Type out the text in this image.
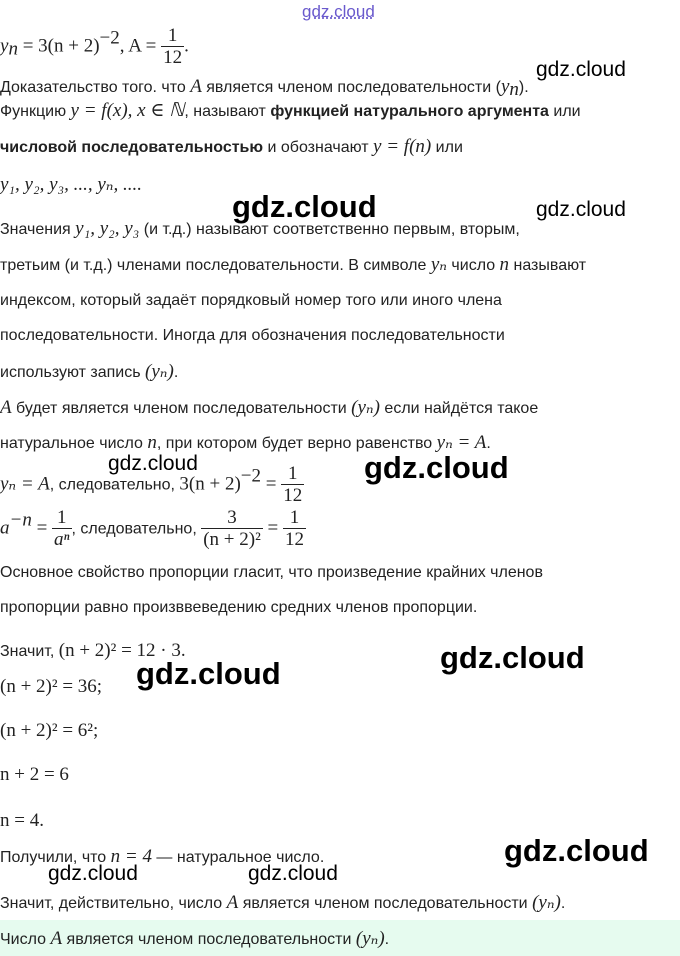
gdz.cloud
$y_n = 3(n + 2)^{-2}$, $A = \frac{1}{12}$ .
gdz.cloud
Доказательство того. что A является членом последовательности $(y_n)$.
Функцию y = f(x), x ∈ ℕ, называют функцией натурального аргумента или
числовой последовательностью и обозначают y = f(n) или
y₁, y₂, y₃, ..., yₙ, ....
gdz.cloud	gdz.cloud
Значения y₁, y₂, y₃ (и т.д.) называют соответственно первым, вторым,
третьим (и т.д.) членами последовательности. В символе yₙ число n называют
индексом, который задаёт порядковый номер того или иного члена
последовательности. Иногда для обозначения последовательности
используют запись (yₙ).
A будет является членом последовательности (yₙ) если найдётся такое
натуральное число n, при котором будет верно равенство yₙ = A.
gdz.cloud
yₙ = A, следовательно, $3(n + 2)^{-2} = \frac{1}{12}$ gdz.cloud
$a^{-n} = \frac{1}{\text{aⁿ}}$ , следовательно, $\frac{3}{\text{(n + 2)²}} = \frac{1}{12}$
Основное свойство пропорции гласит, что произведение крайних членов
пропорции равно произввеведению средних членов пропорции.
Значит, (n + 2)² = 12 · 3.	gdz.cloud
(n + 2)² = 36; gdz.cloud
(n + 2)² = 6²;
n + 2 = 6
n = 4.
gdz.cloud
Получили, что n = 4 — натуральное число.
gdz.cloud	gdz.cloud
Значит, действительно, число A является членом последовательности (yₙ).
Число A является членом последовательности (yₙ).
